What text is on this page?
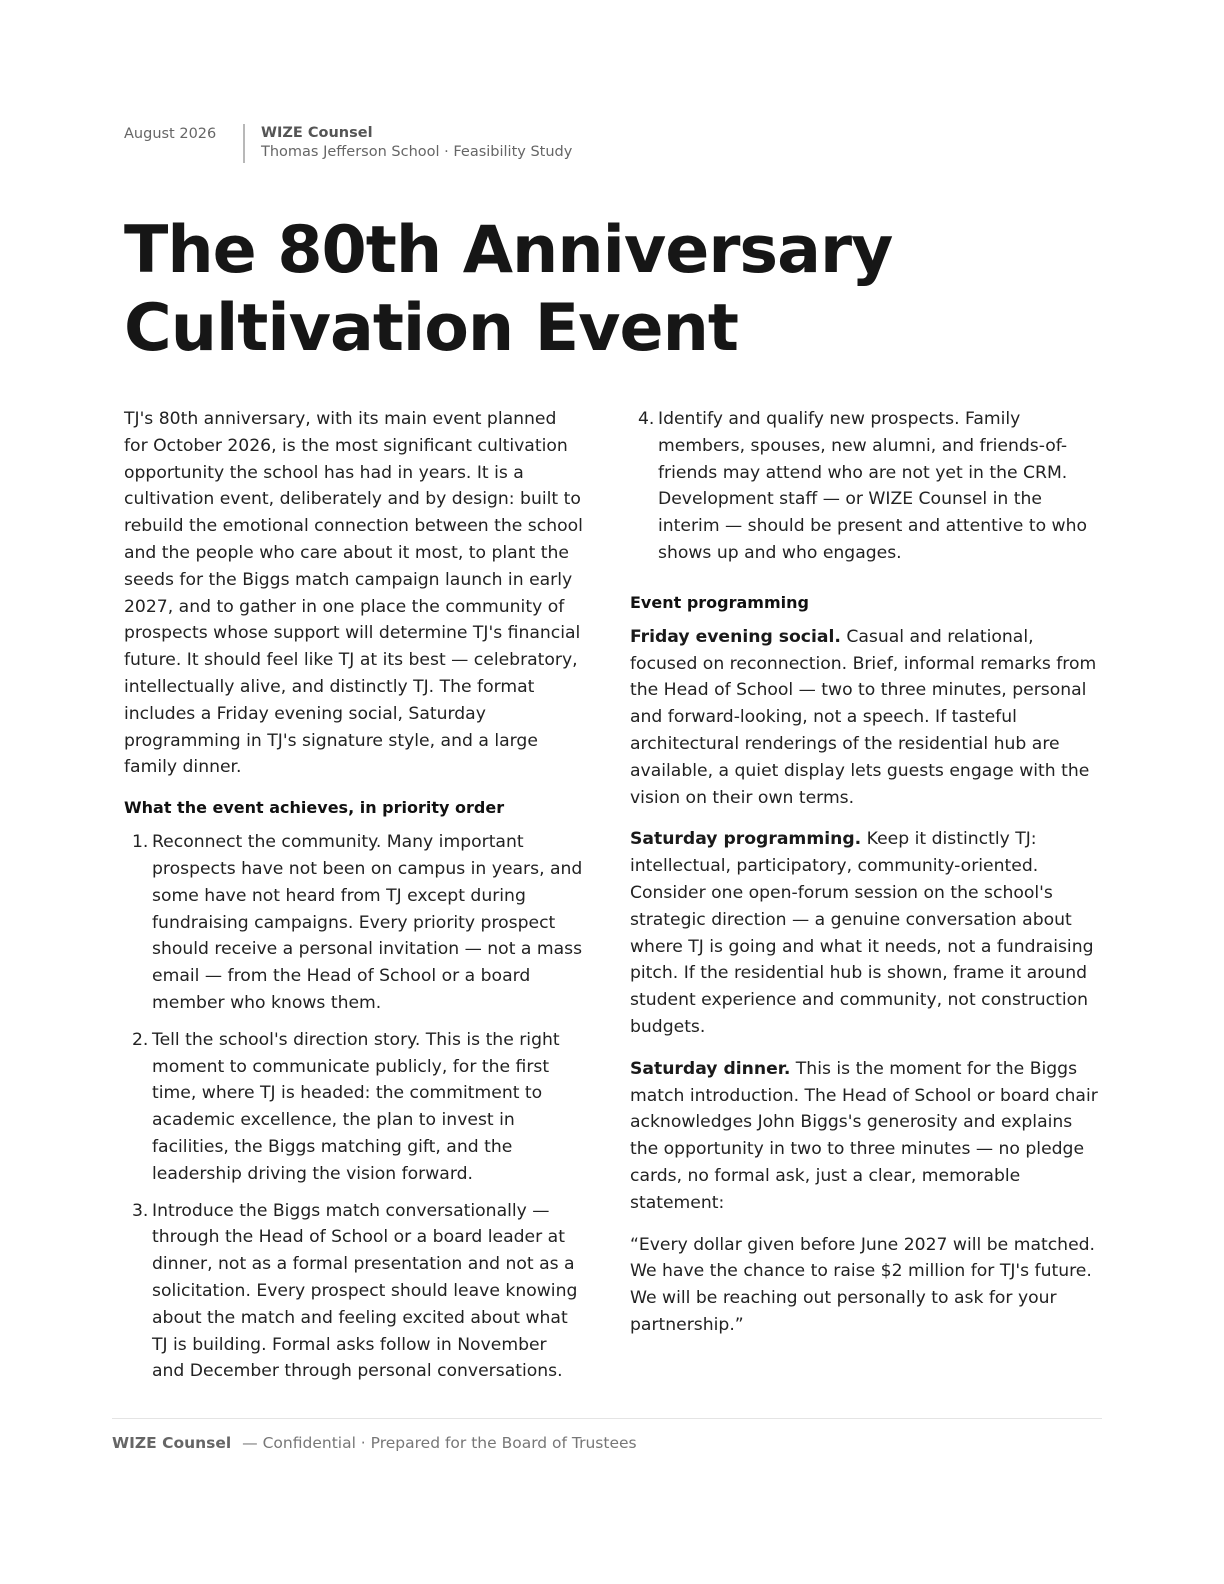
August 2026	WIZE Counsel
Thomas Jefferson School · Feasibility Study
The 80th Anniversary
Cultivation Event

TJ's 80th anniversary, with its main event planned for October 2026, is the most significant cultivation opportunity the school has had in years. It is a cultivation event, deliberately and by design: built to rebuild the emotional connection between the school and the people who care about it most, to plant the seeds for the Biggs match campaign launch in early 2027, and to gather in one place the community of prospects whose support will determine TJ's financial future. It should feel like TJ at its best — celebratory, intellectually alive, and distinctly TJ. The format includes a Friday evening social, Saturday programming in TJ's signature style, and a large family dinner.

What the event achieves, in priority order
1. Reconnect the community. Many important prospects have not been on campus in years, and some have not heard from TJ except during fundraising campaigns. Every priority prospect should receive a personal invitation — not a mass email — from the Head of School or a board member who knows them.
2. Tell the school's direction story. This is the right moment to communicate publicly, for the first time, where TJ is headed: the commitment to academic excellence, the plan to invest in facilities, the Biggs matching gift, and the leadership driving the vision forward.
3. Introduce the Biggs match conversationally — through the Head of School or a board leader at dinner, not as a formal presentation and not as a solicitation. Every prospect should leave knowing about the match and feeling excited about what TJ is building. Formal asks follow in November and December through personal conversations.
4. Identify and qualify new prospects. Family members, spouses, new alumni, and friends-of-friends may attend who are not yet in the CRM. Development staff — or WIZE Counsel in the interim — should be present and attentive to who shows up and who engages.
Event programming

Friday evening social. Casual and relational, focused on reconnection. Brief, informal remarks from the Head of School — two to three minutes, personal and forward-looking, not a speech. If tasteful architectural renderings of the residential hub are available, a quiet display lets guests engage with the vision on their own terms.

Saturday programming. Keep it distinctly TJ: intellectual, participatory, community-oriented. Consider one open-forum session on the school's strategic direction — a genuine conversation about where TJ is going and what it needs, not a fundraising pitch. If the residential hub is shown, frame it around student experience and community, not construction budgets.

Saturday dinner. This is the moment for the Biggs match introduction. The Head of School or board chair acknowledges John Biggs's generosity and explains the opportunity in two to three minutes — no pledge cards, no formal ask, just a clear, memorable statement:

“Every dollar given before June 2027 will be matched. We have the chance to raise $2 million for TJ's future. We will be reaching out personally to ask for your partnership.”

WIZE Counsel — Confidential · Prepared for the Board of Trustees
